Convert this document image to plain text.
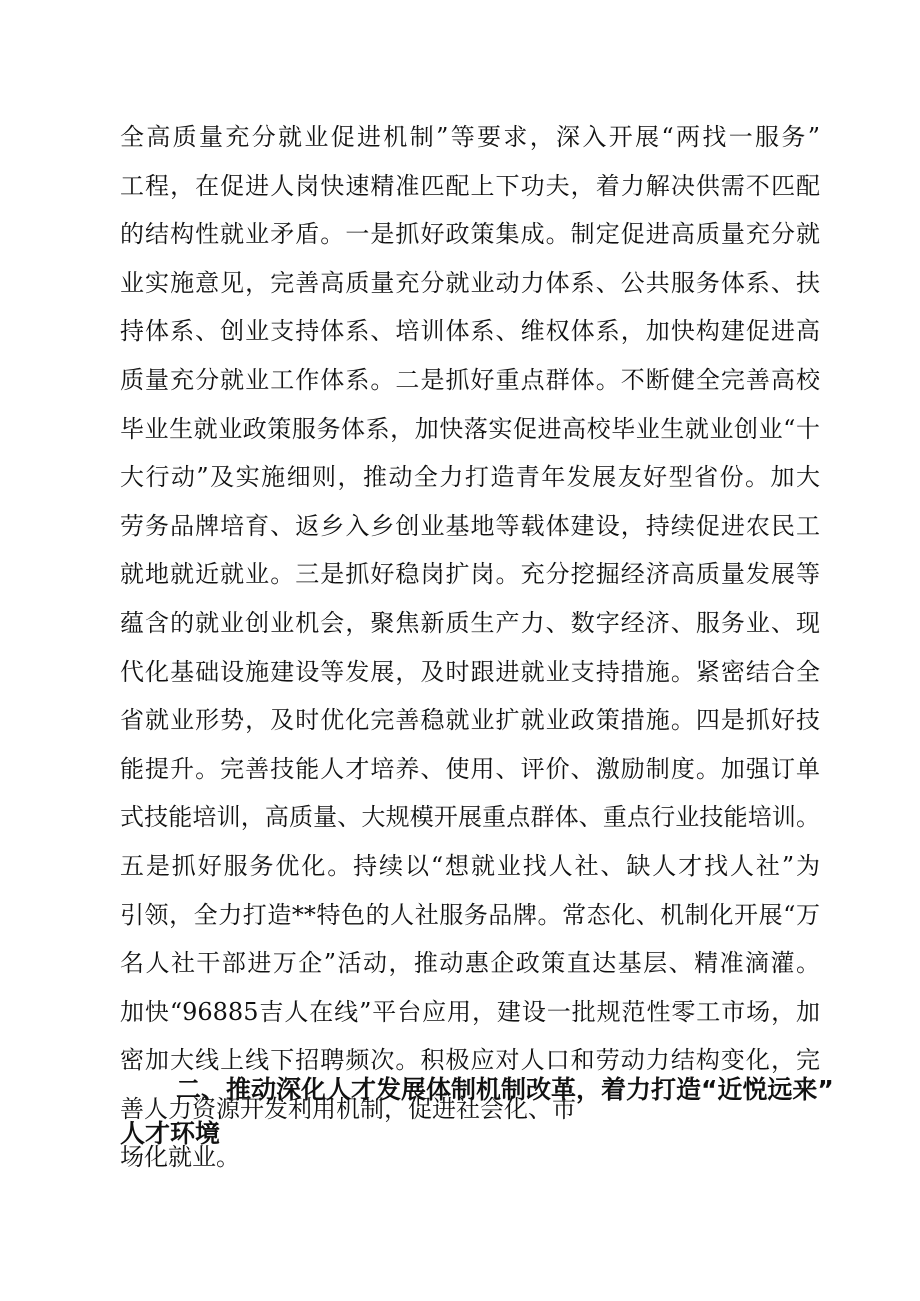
全高质量充分就业促进机制”等要求，深入开展“两找一服务”
工程，在促进人岗快速精准匹配上下功夫，着力解决供需不匹配
的结构性就业矛盾。一是抓好政策集成。制定促进高质量充分就
业实施意见，完善高质量充分就业动力体系、公共服务体系、扶
持体系、创业支持体系、培训体系、维权体系，加快构建促进高
质量充分就业工作体系。二是抓好重点群体。不断健全完善高校
毕业生就业政策服务体系，加快落实促进高校毕业生就业创业“十
大行动”及实施细则，推动全力打造青年发展友好型省份。加大
劳务品牌培育、返乡入乡创业基地等载体建设，持续促进农民工
就地就近就业。三是抓好稳岗扩岗。充分挖掘经济高质量发展等
蕴含的就业创业机会，聚焦新质生产力、数字经济、服务业、现
代化基础设施建设等发展，及时跟进就业支持措施。紧密结合全
省就业形势，及时优化完善稳就业扩就业政策措施。四是抓好技
能提升。完善技能人才培养、使用、评价、激励制度。加强订单
式技能培训，高质量、大规模开展重点群体、重点行业技能培训。
五是抓好服务优化。持续以“想就业找人社、缺人才找人社”为
引领，全力打造**特色的人社服务品牌。常态化、机制化开展“万
名人社干部进万企”活动，推动惠企政策直达基层、精准滴灌。
加快“96885吉人在线”平台应用，建设一批规范性零工市场，加
密加大线上线下招聘频次。积极应对人口和劳动力结构变化，完
善人力资源开发利用机制，促进社会化、市
场化就业。
二、推动深化人才发展体制机制改革，着力打造“近悦远来”
人才环境
